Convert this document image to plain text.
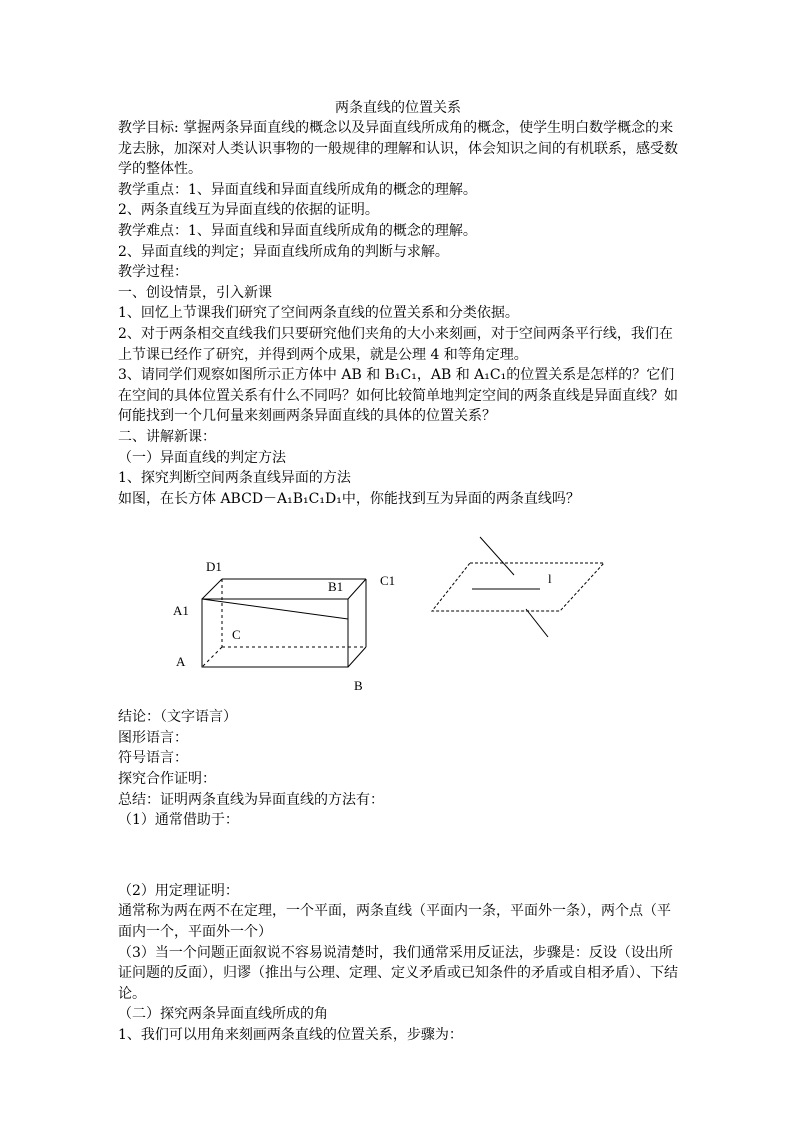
两条直线的位置关系

教学目标: 掌握两条异面直线的概念以及异面直线所成角的概念，使学生明白数学概念的来龙去脉，加深对人类认识事物的一般规律的理解和认识，体会知识之间的有机联系，感受数学的整体性。

教学重点：1、异面直线和异面直线所成角的概念的理解。

2、两条直线互为异面直线的依据的证明。

教学难点：1、异面直线和异面直线所成角的概念的理解。

2、异面直线的判定；异面直线所成角的判断与求解。

教学过程：

一、创设情景，引入新课

1、回忆上节课我们研究了空间两条直线的位置关系和分类依据。

2、对于两条相交直线我们只要研究他们夹角的大小来刻画，对于空间两条平行线，我们在上节课已经作了研究，并得到两个成果，就是公理 4 和等角定理。

3、请同学们观察如图所示正方体中 AB 和 B₁C₁，AB 和 A₁C₁的位置关系是怎样的？它们在空间的具体位置关系有什么不同吗？如何比较简单地判定空间的两条直线是异面直线？如何能找到一个几何量来刻画两条异面直线的具体的位置关系？

二、讲解新课：

（一）异面直线的判定方法

1、探究判断空间两条直线异面的方法

如图，在长方体 ABCD－A₁B₁C₁D₁中，你能找到互为异面的两条直线吗？

D1
B1	C1
A1
C
A
B
l

结论：（文字语言）

图形语言：

符号语言：

探究合作证明：

总结：证明两条直线为异面直线的方法有：

（1）通常借助于：

（2）用定理证明：

通常称为两在两不在定理，一个平面，两条直线（平面内一条，平面外一条），两个点（平面内一个，平面外一个）

（3）当一个问题正面叙说不容易说清楚时，我们通常采用反证法，步骤是：反设（设出所证问题的反面），归谬（推出与公理、定理、定义矛盾或已知条件的矛盾或自相矛盾）、下结论。

（二）探究两条异面直线所成的角

1、我们可以用角来刻画两条直线的位置关系，步骤为：
